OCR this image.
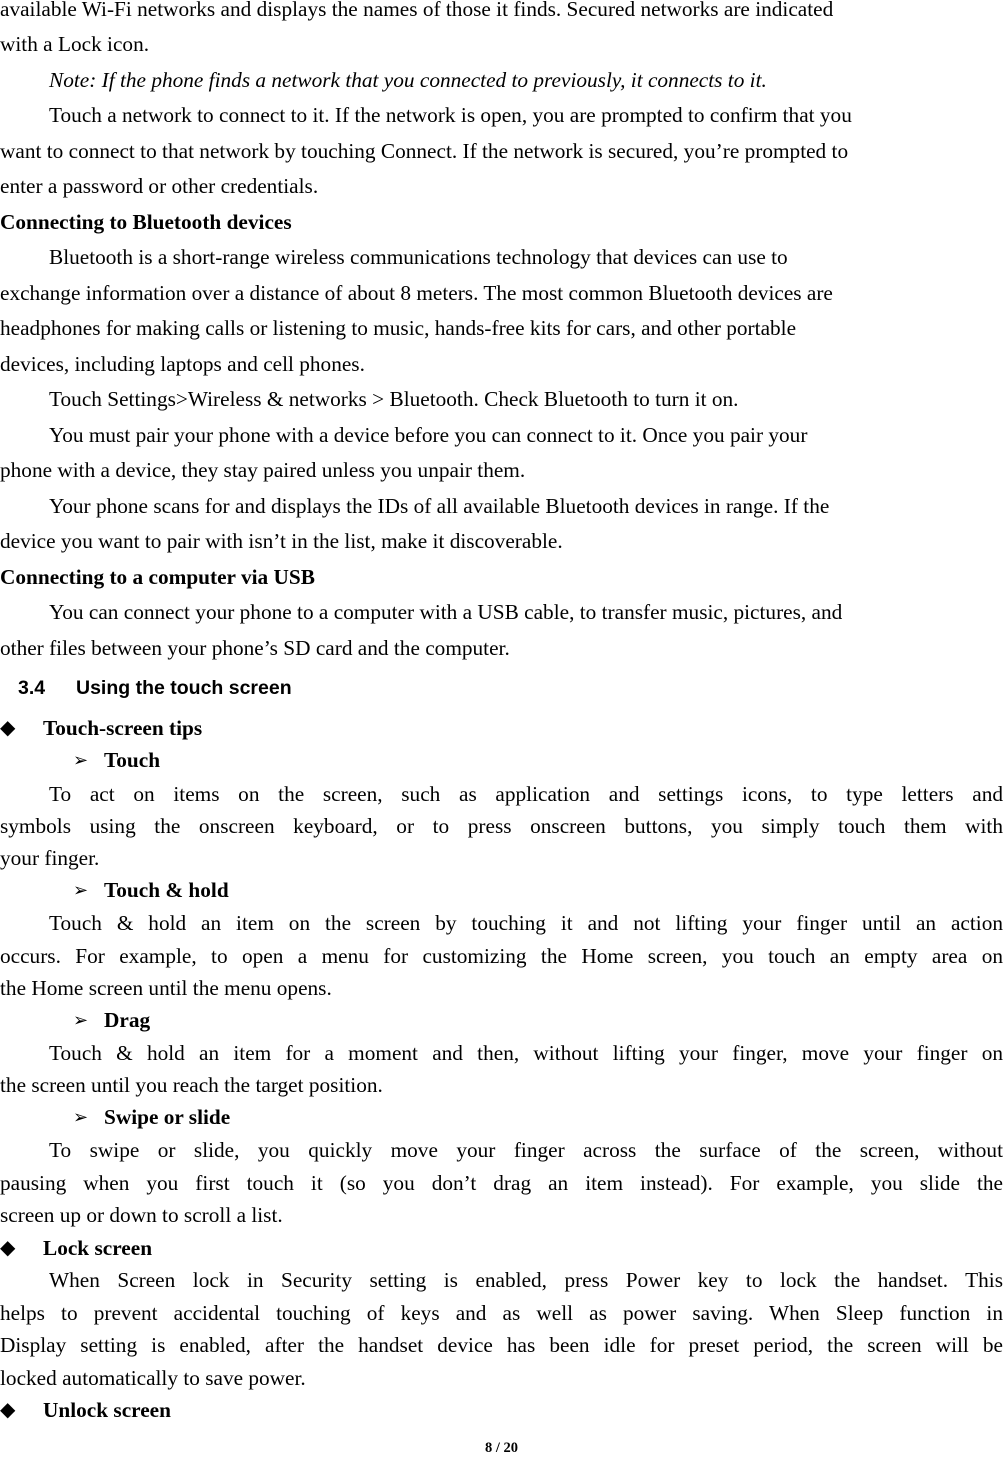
available Wi-Fi networks and displays the names of those it finds. Secured networks are indicated
with a Lock icon.
Note: If the phone finds a network that you connected to previously, it connects to it.
Touch a network to connect to it. If the network is open, you are prompted to confirm that you
want to connect to that network by touching Connect. If the network is secured, you’re prompted to
enter a password or other credentials.
Connecting to Bluetooth devices
Bluetooth is a short-range wireless communications technology that devices can use to
exchange information over a distance of about 8 meters. The most common Bluetooth devices are
headphones for making calls or listening to music, hands-free kits for cars, and other portable
devices, including laptops and cell phones.
Touch Settings>Wireless & networks > Bluetooth. Check Bluetooth to turn it on.
You must pair your phone with a device before you can connect to it. Once you pair your
phone with a device, they stay paired unless you unpair them.
Your phone scans for and displays the IDs of all available Bluetooth devices in range. If the
device you want to pair with isn’t in the list, make it discoverable.
Connecting to a computer via USB
You can connect your phone to a computer with a USB cable, to transfer music, pictures, and
other files between your phone’s SD card and the computer.
3.4 Using the touch screen
◆ Touch-screen tips
➢ Touch
To act on items on the screen, such as application and settings icons, to type letters and
symbols using the onscreen keyboard, or to press onscreen buttons, you simply touch them with
your finger.
➢ Touch & hold
Touch & hold an item on the screen by touching it and not lifting your finger until an action
occurs. For example, to open a menu for customizing the Home screen, you touch an empty area on
the Home screen until the menu opens.
➢ Drag
Touch & hold an item for a moment and then, without lifting your finger, move your finger on
the screen until you reach the target position.
➢ Swipe or slide
To swipe or slide, you quickly move your finger across the surface of the screen, without
pausing when you first touch it (so you don’t drag an item instead). For example, you slide the
screen up or down to scroll a list.
◆ Lock screen
When Screen lock in Security setting is enabled, press Power key to lock the handset. This
helps to prevent accidental touching of keys and as well as power saving. When Sleep function in
Display setting is enabled, after the handset device has been idle for preset period, the screen will be
locked automatically to save power.
◆ Unlock screen
8 / 20
